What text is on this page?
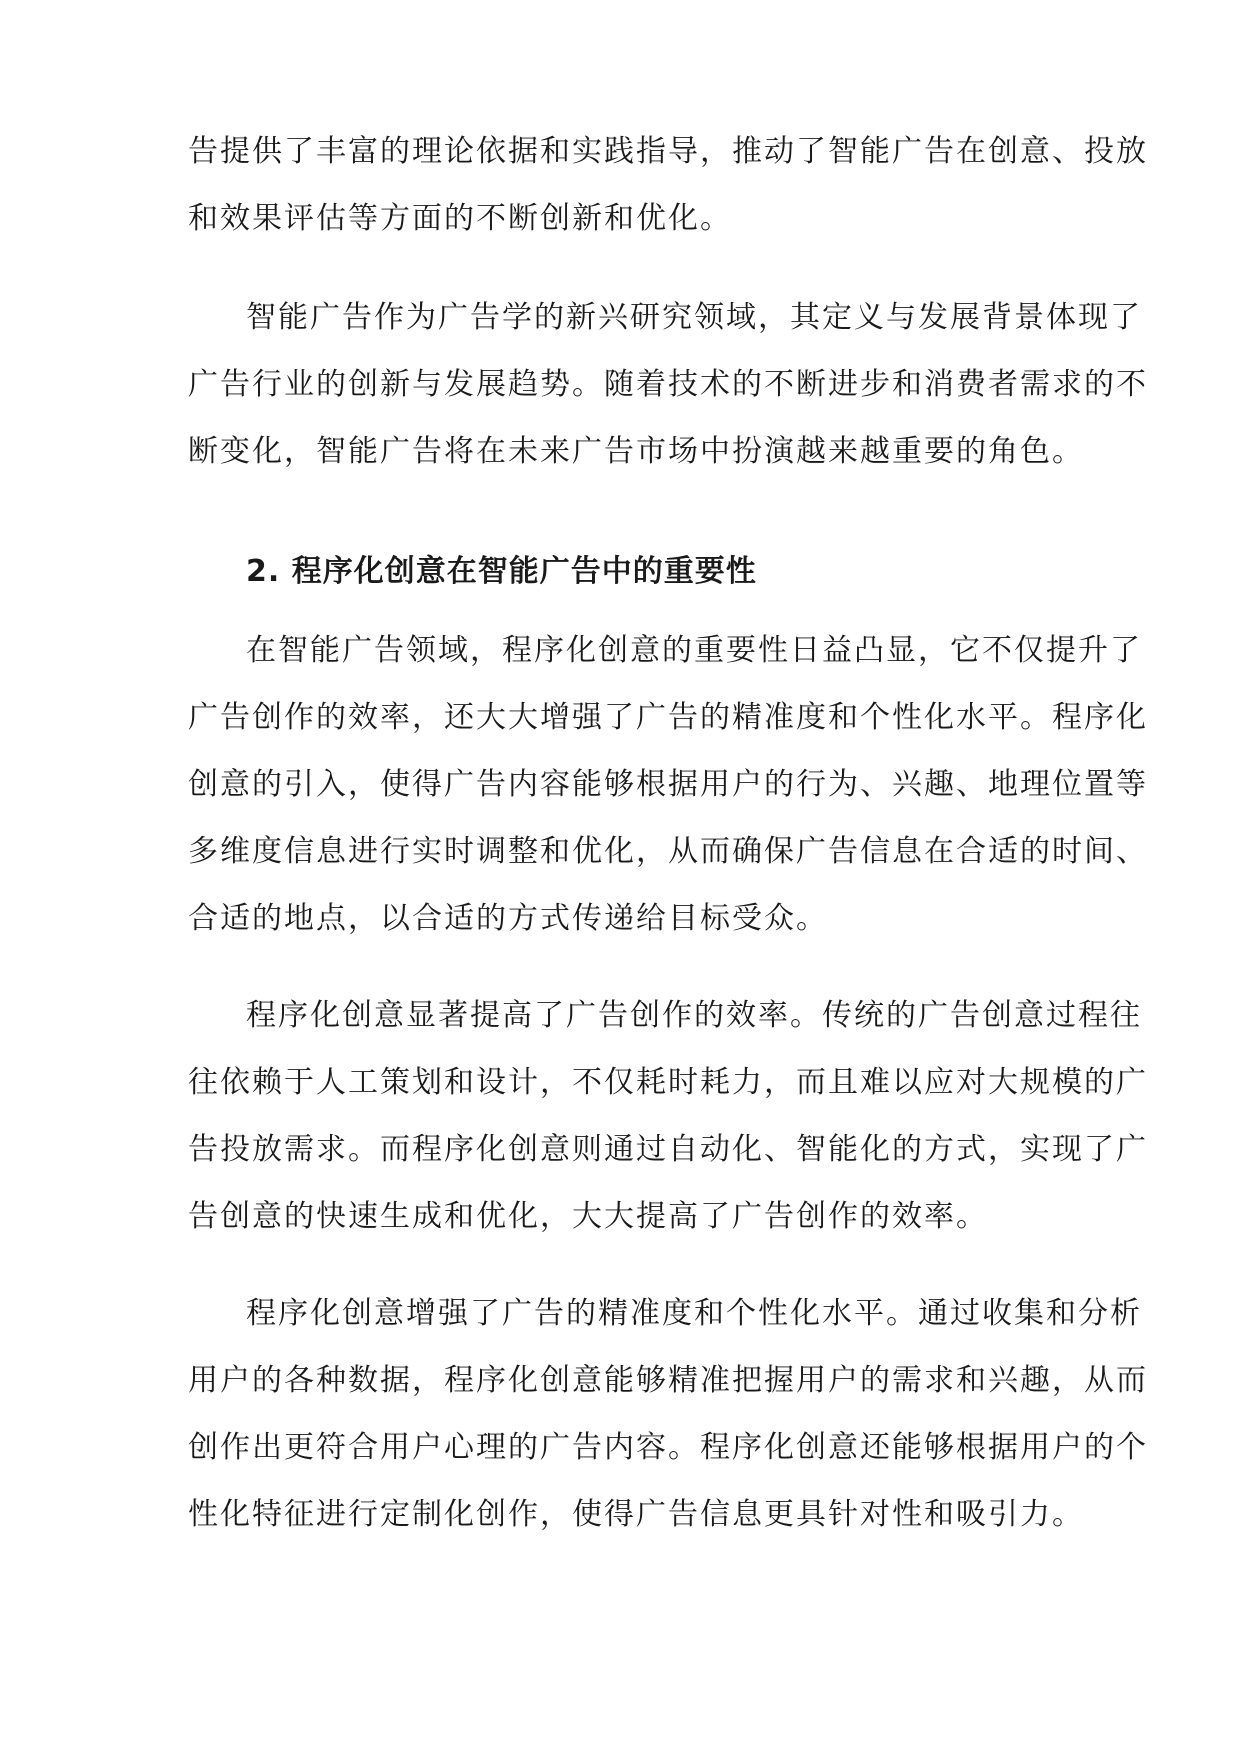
告提供了丰富的理论依据和实践指导，推动了智能广告在创意、投放
和效果评估等方面的不断创新和优化。
智能广告作为广告学的新兴研究领域，其定义与发展背景体现了
广告行业的创新与发展趋势。随着技术的不断进步和消费者需求的不
断变化，智能广告将在未来广告市场中扮演越来越重要的角色。
2. 程序化创意在智能广告中的重要性
在智能广告领域，程序化创意的重要性日益凸显，它不仅提升了
广告创作的效率，还大大增强了广告的精准度和个性化水平。程序化
创意的引入，使得广告内容能够根据用户的行为、兴趣、地理位置等
多维度信息进行实时调整和优化，从而确保广告信息在合适的时间、
合适的地点，以合适的方式传递给目标受众。
程序化创意显著提高了广告创作的效率。传统的广告创意过程往
往依赖于人工策划和设计，不仅耗时耗力，而且难以应对大规模的广
告投放需求。而程序化创意则通过自动化、智能化的方式，实现了广
告创意的快速生成和优化，大大提高了广告创作的效率。
程序化创意增强了广告的精准度和个性化水平。通过收集和分析
用户的各种数据，程序化创意能够精准把握用户的需求和兴趣，从而
创作出更符合用户心理的广告内容。程序化创意还能够根据用户的个
性化特征进行定制化创作，使得广告信息更具针对性和吸引力。
